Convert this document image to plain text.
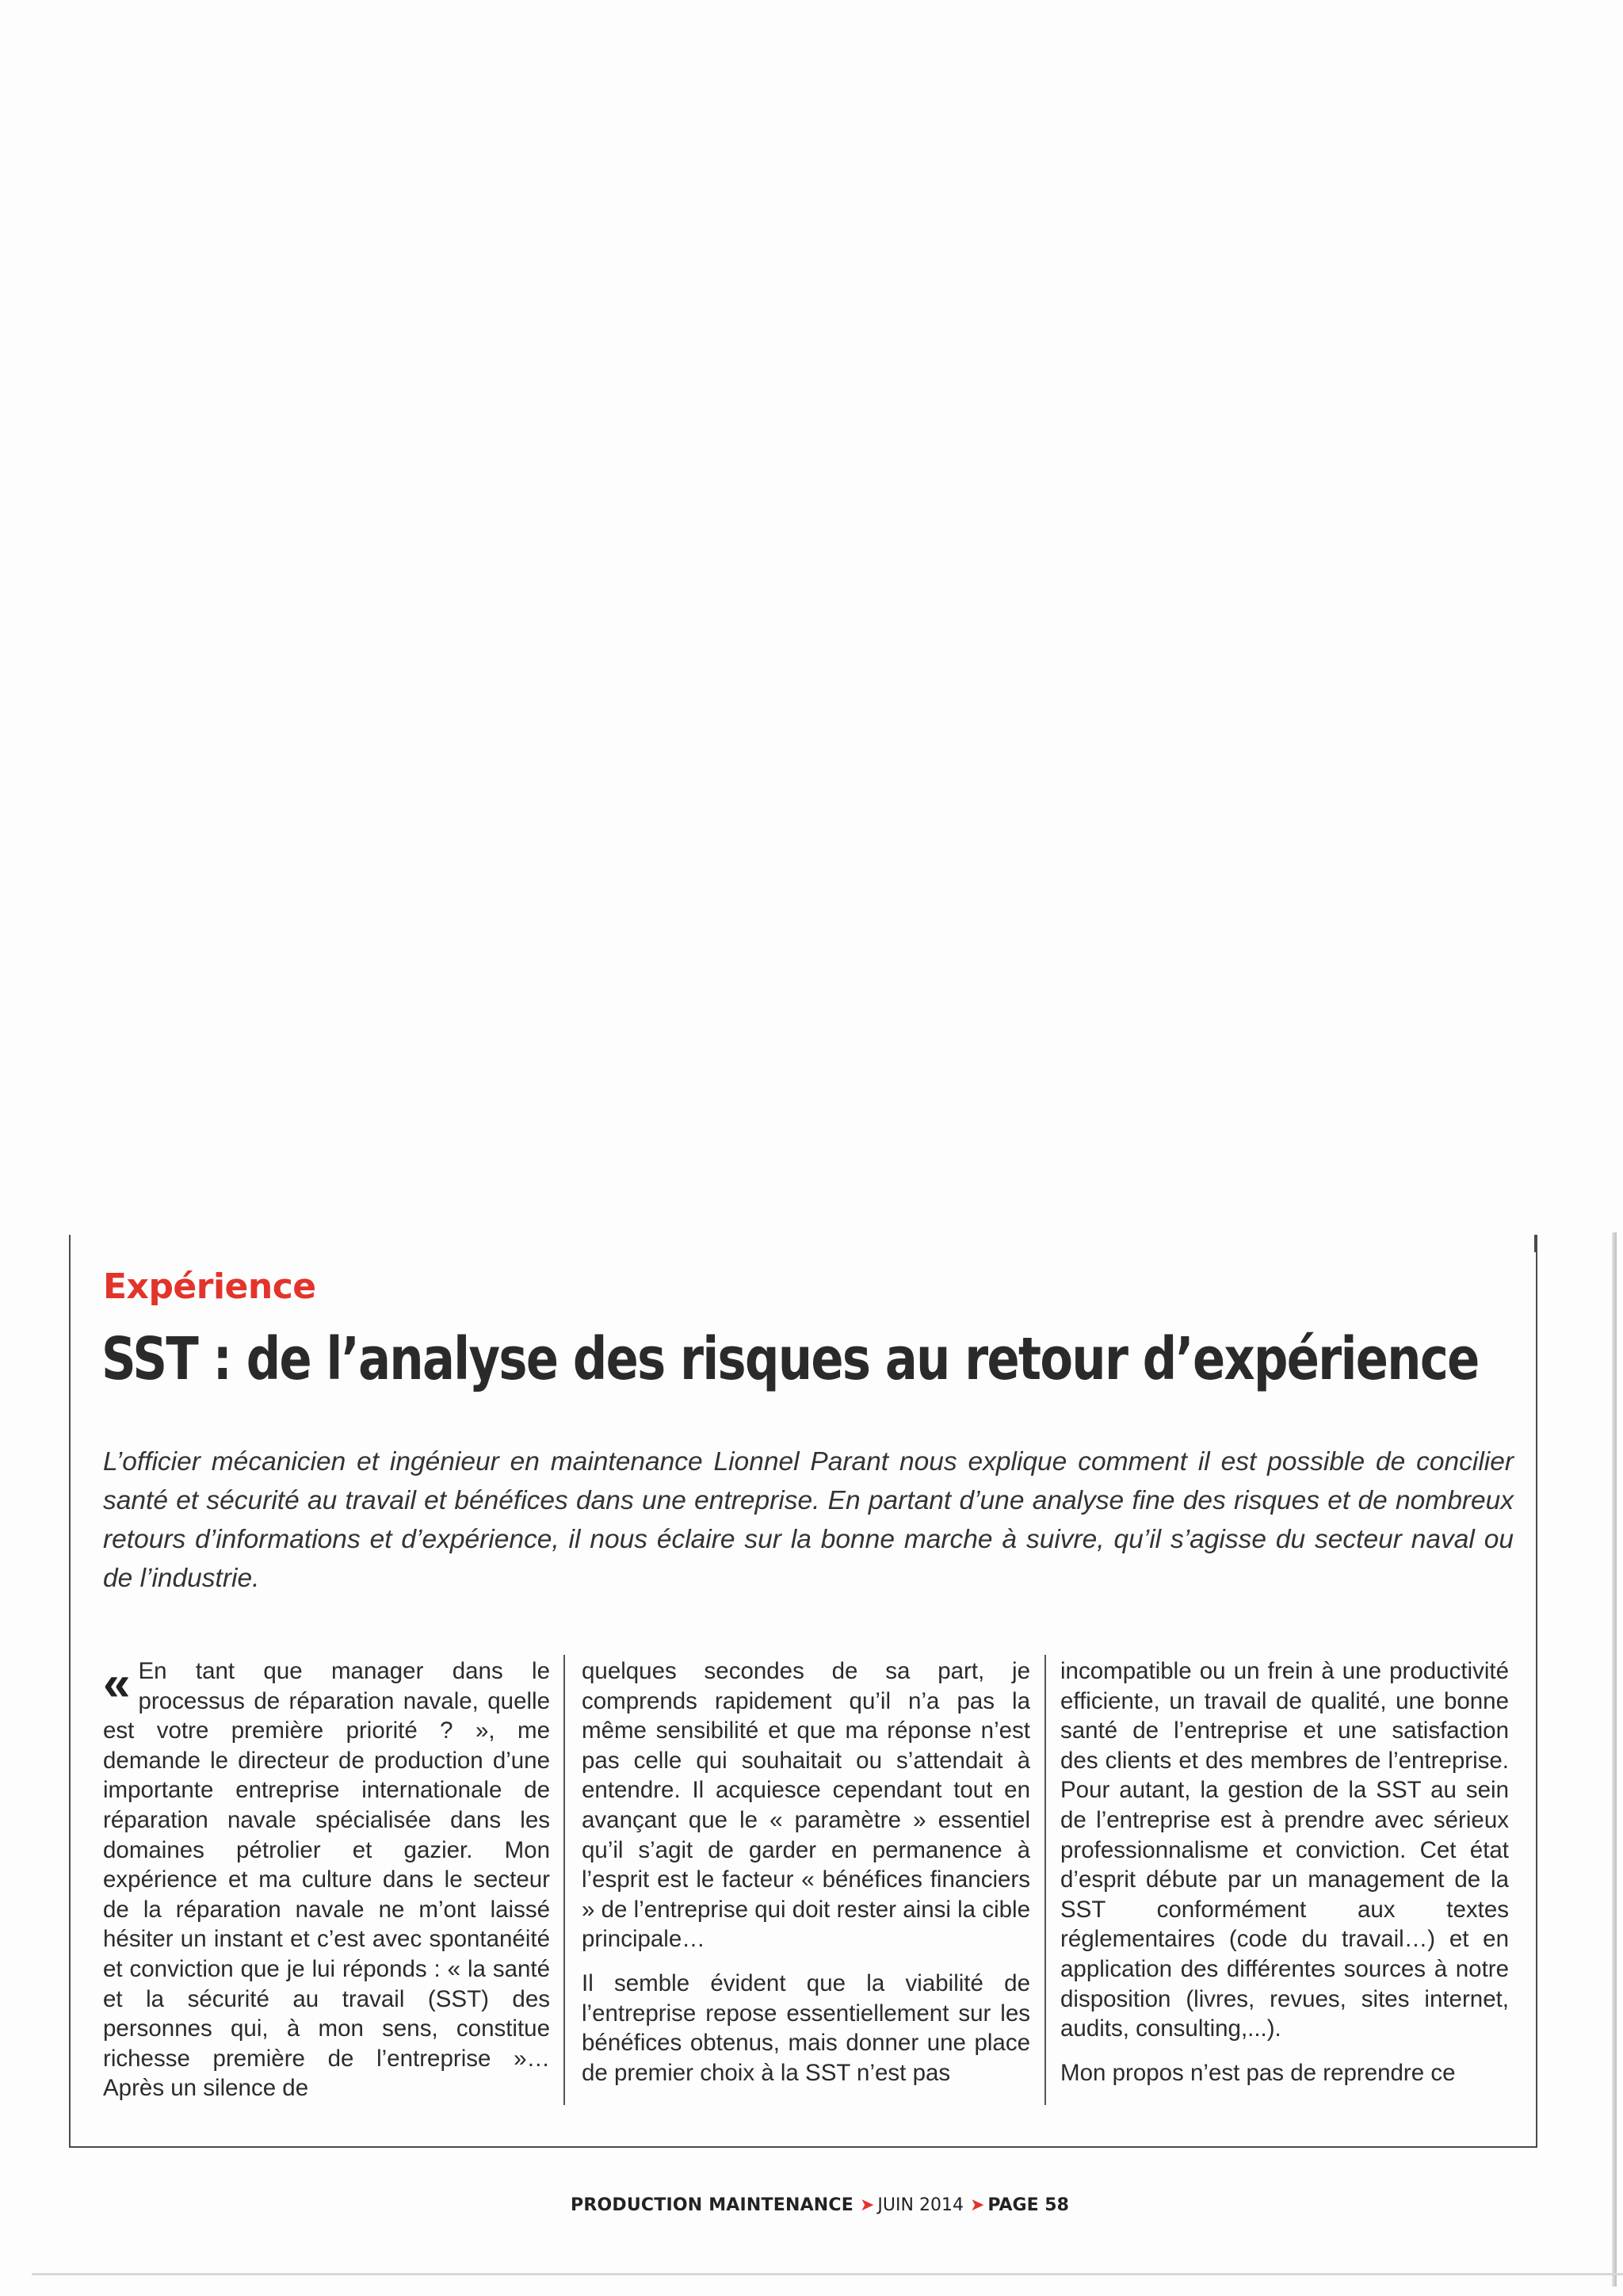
Expérience
SST : de l’analyse des risques au retour d’expérience
L’officier mécanicien et ingénieur en maintenance Lionnel Parant nous explique comment il est possible de concilier santé et sécurité au travail et bénéfices dans une entreprise. En partant d’une analyse fine des risques et de nombreux retours d’informations et d’expérience, il nous éclaire sur la bonne marche à suivre, qu’il s’agisse du secteur naval ou de l’industrie.

« En tant que manager dans le processus de réparation navale, quelle est votre première priorité ? », me demande le directeur de production d’une importante entreprise internationale de réparation navale spécialisée dans les domaines pétrolier et gazier. Mon expérience et ma culture dans le secteur de la réparation navale ne m’ont laissé hésiter un instant et c’est avec spontanéité et conviction que je lui réponds : « la santé et la sécurité au travail (SST) des personnes qui, à mon sens, constitue richesse première de l’entreprise »… Après un silence de

quelques secondes de sa part, je comprends rapidement qu’il n’a pas la même sensibilité et que ma réponse n’est pas celle qui souhaitait ou s’attendait à entendre. Il acquiesce cependant tout en avançant que le « paramètre » essentiel qu’il s’agit de garder en permanence à l’esprit est le facteur « bénéfices financiers » de l’entreprise qui doit rester ainsi la cible principale…

Il semble évident que la viabilité de l’entreprise repose essentiellement sur les bénéfices obtenus, mais donner une place de premier choix à la SST n’est pas

incompatible ou un frein à une productivité efficiente, un travail de qualité, une bonne santé de l’entreprise et une satisfaction des clients et des membres de l’entreprise. Pour autant, la gestion de la SST au sein de l’entreprise est à prendre avec sérieux professionnalisme et conviction. Cet état d’esprit débute par un management de la SST conformément aux textes réglementaires (code du travail…) et en application des différentes sources à notre disposition (livres, revues, sites internet, audits, consulting,...).

Mon propos n’est pas de reprendre ce

PRODUCTION MAINTENANCE ➤ JUIN 2014 ➤ PAGE 58
